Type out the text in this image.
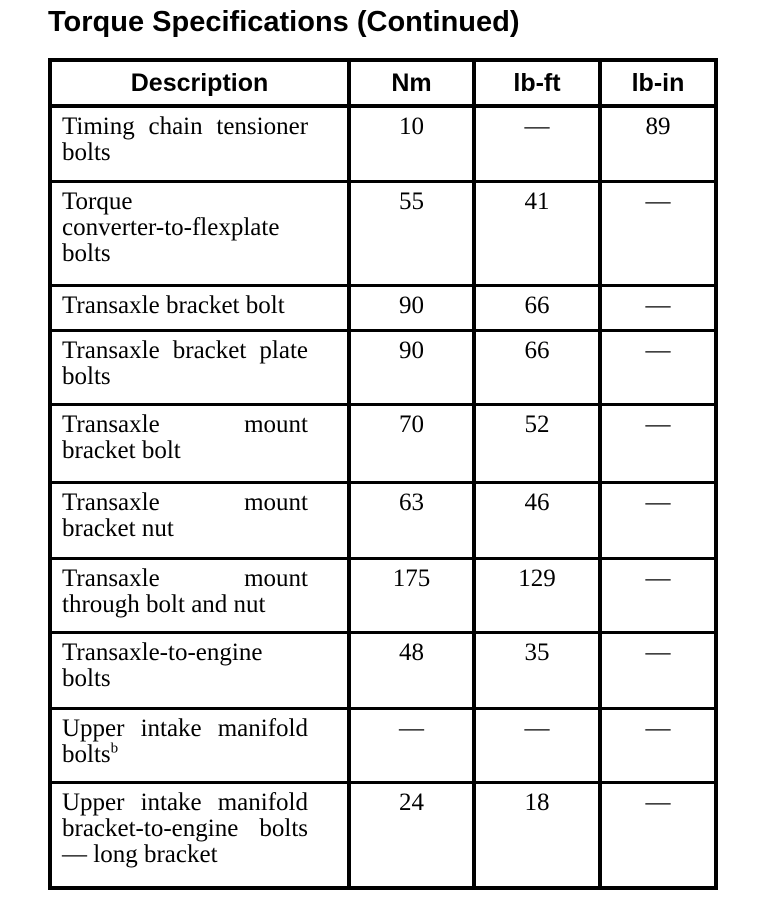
Torque Specifications (Continued)
Description	Nm	lb-ft	lb-in
Timing chain tensioner bolts	10	—	89
Torque converter-to-flexplate bolts	55	41	—
Transaxle bracket bolt	90	66	—
Transaxle bracket plate bolts	90	66	—
Transaxle mount bracket bolt	70	52	—
Transaxle mount bracket nut	63	46	—
Transaxle mount through bolt and nut	175	129	—
Transaxle-to-engine bolts	48	35	—
Upper intake manifold bolts$^b$	—	—	—
Upper intake manifold bracket-to-engine bolts — long bracket	24	18	—
